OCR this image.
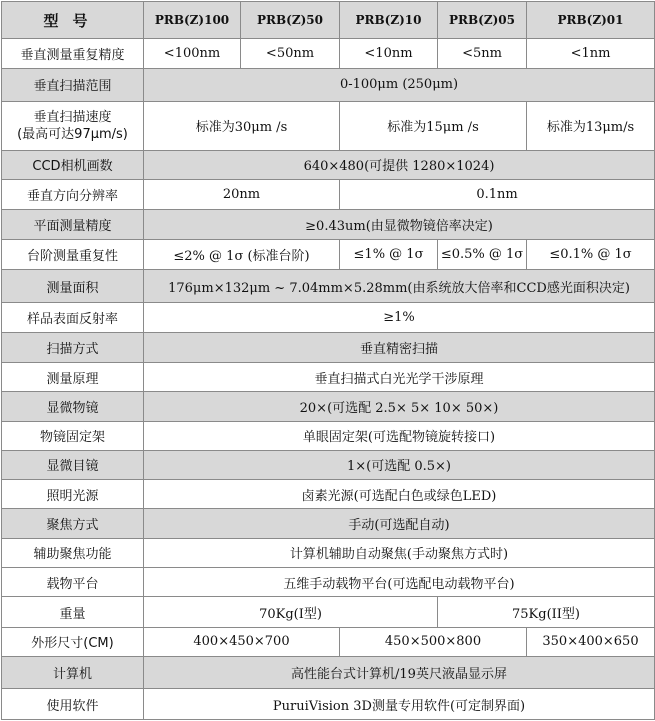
型号	PRB(Z)100	PRB(Z)50	PRB(Z)10	PRB(Z)05	PRB(Z)01	
垂直测量重复精度	<100nm	<50nm	<10nm	<5nm	<1nm	
垂直扫描范围	0-100μm (250μm)					

垂直扫描速度
(最高可达97μm/s)	标准为30μm /s		标准为15μm /s		标准为13μm/s	
CCD相机画数	640×480(可提供 1280×1024)					
垂直方向分辨率	20nm		0.1nm			
平面测量精度	≥0.43um(由显微物镜倍率决定)					
台阶测量重复性	≤2% @ 1σ (标准台阶)		≤1% @ 1σ	≤0.5% @ 1σ	≤0.1% @ 1σ	
测量面积	176μm×132μm ~ 7.04mm×5.28mm(由系统放大倍率和CCD感光面积决定)					
样品表面反射率	≥1%					
扫描方式	垂直精密扫描					
测量原理	垂直扫描式白光光学干涉原理					
显微物镜	20×(可选配 2.5× 5× 10× 50×)					
物镜固定架	单眼固定架(可选配物镜旋转接口)					
显微目镜	1×(可选配 0.5×)					
照明光源	卤素光源(可选配白色或绿色LED)					
聚焦方式	手动(可选配自动)					
辅助聚焦功能	计算机辅助自动聚焦(手动聚焦方式时)					
载物平台	五维手动载物平台(可选配电动载物平台)					
重量	70Kg(I型)			75Kg(II型)	
外形尺寸(CM)	400×450×700		450×500×800		350×400×650	
计算机	高性能台式计算机/19英尺液晶显示屏					
使用软件	PuruiVision 3D测量专用软件(可定制界面)					
